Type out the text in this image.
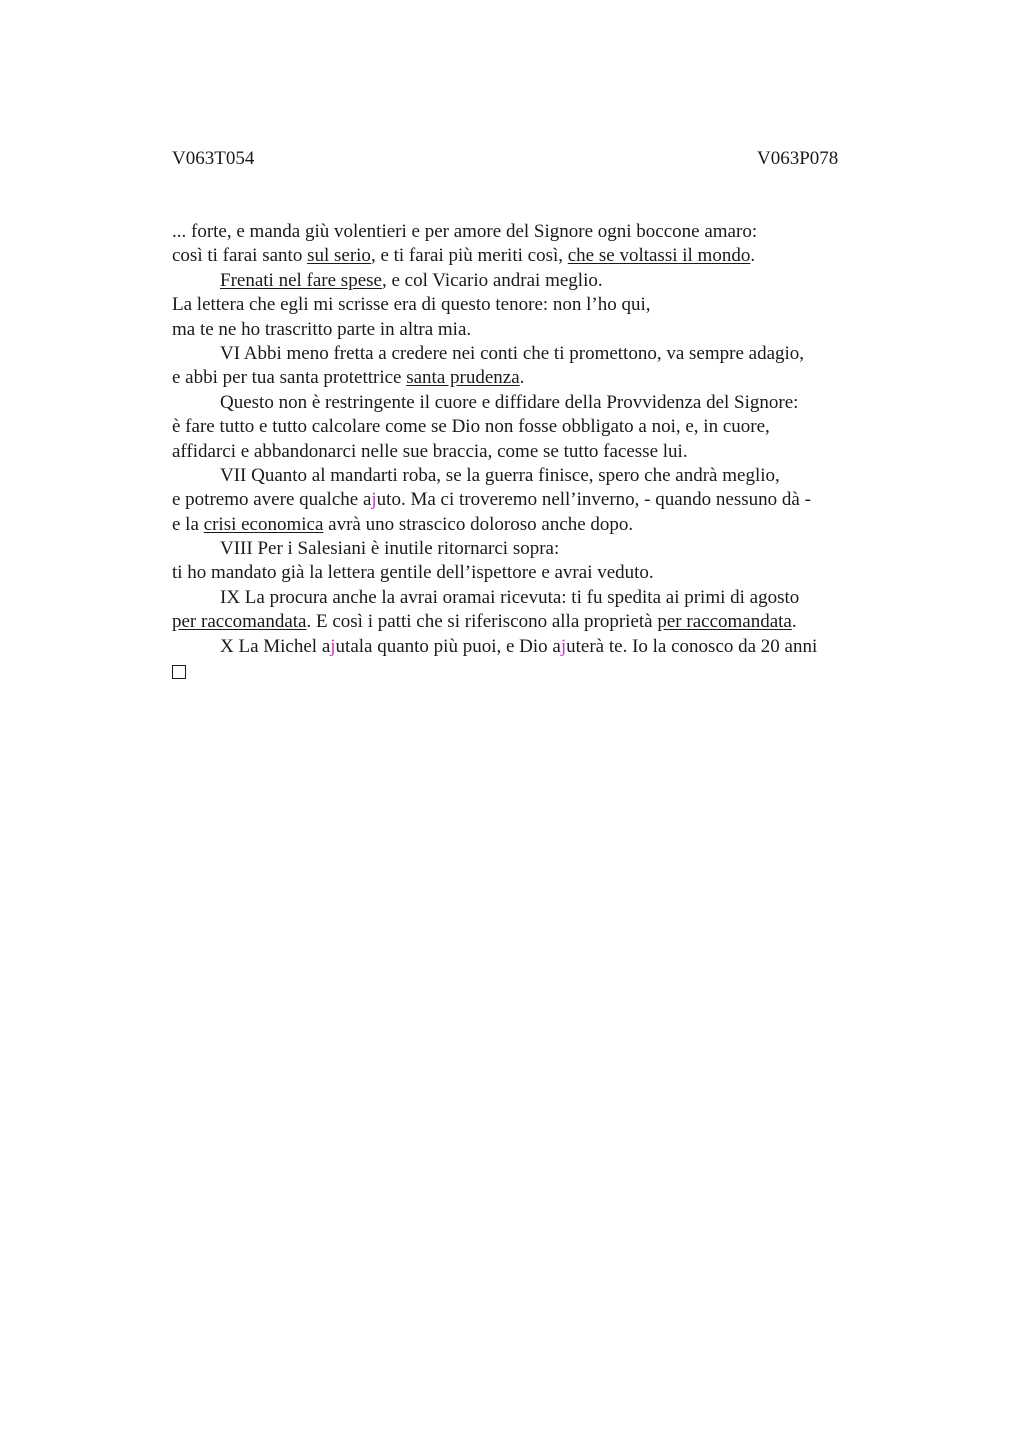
V063T054	V063P078
... forte, e manda giù volentieri e per amore del Signore ogni boccone amaro:
così ti farai santo sul serio, e ti farai più meriti così, che se voltassi il mondo.
Frenati nel fare spese, e col Vicario andrai meglio.
La lettera che egli mi scrisse era di questo tenore: non l’ho qui,
ma te ne ho trascritto parte in altra mia.
VI Abbi meno fretta a credere nei conti che ti promettono, va sempre adagio,
e abbi per tua santa protettrice santa prudenza.
Questo non è restringente il cuore e diffidare della Provvidenza del Signore:
è fare tutto e tutto calcolare come se Dio non fosse obbligato a noi, e, in cuore,
affidarci e abbandonarci nelle sue braccia, come se tutto facesse lui.
VII Quanto al mandarti roba, se la guerra finisce, spero che andrà meglio,
e potremo avere qualche ajuto. Ma ci troveremo nell’inverno, - quando nessuno dà -
e la crisi economica avrà uno strascico doloroso anche dopo.
VIII Per i Salesiani è inutile ritornarci sopra:
ti ho mandato già la lettera gentile dell’ispettore e avrai veduto.
IX La procura anche la avrai oramai ricevuta: ti fu spedita ai primi di agosto
per raccomandata. E così i patti che si riferiscono alla proprietà per raccomandata.
X La Michel ajutala quanto più puoi, e Dio ajuterà te. Io la conosco da 20 anni
